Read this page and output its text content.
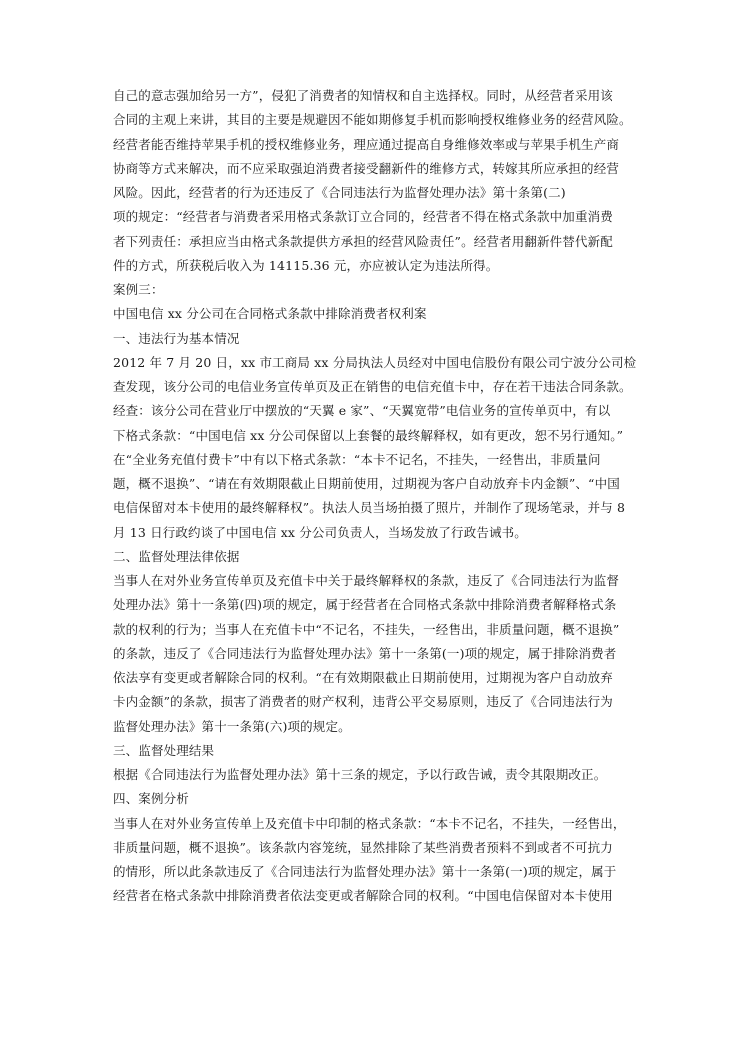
自己的意志强加给另一方”，侵犯了消费者的知情权和自主选择权。同时，从经营者采用该
合同的主观上来讲，其目的主要是规避因不能如期修复手机而影响授权维修业务的经营风险。
经营者能否维持苹果手机的授权维修业务，理应通过提高自身维修效率或与苹果手机生产商
协商等方式来解决，而不应采取强迫消费者接受翻新件的维修方式，转嫁其所应承担的经营
风险。因此，经营者的行为还违反了《合同违法行为监督处理办法》第十条第(二)
项的规定：“经营者与消费者采用格式条款订立合同的，经营者不得在格式条款中加重消费
者下列责任：承担应当由格式条款提供方承担的经营风险责任”。经营者用翻新件替代新配
件的方式，所获税后收入为 14115.36 元，亦应被认定为违法所得。
案例三：
中国电信 xx 分公司在合同格式条款中排除消费者权利案
一、违法行为基本情况
2012 年 7 月 20 日，xx 市工商局 xx 分局执法人员经对中国电信股份有限公司宁波分公司检
查发现，该分公司的电信业务宣传单页及正在销售的电信充值卡中，存在若干违法合同条款。
经查：该分公司在营业厅中摆放的“天翼 e 家”、“天翼宽带”电信业务的宣传单页中，有以
下格式条款：“中国电信 xx 分公司保留以上套餐的最终解释权，如有更改，恕不另行通知。”
在“全业务充值付费卡”中有以下格式条款：“本卡不记名，不挂失，一经售出，非质量问
题，概不退换”、“请在有效期限截止日期前使用，过期视为客户自动放弃卡内金额”、“中国
电信保留对本卡使用的最终解释权”。执法人员当场拍摄了照片，并制作了现场笔录，并与 8
月 13 日行政约谈了中国电信 xx 分公司负责人，当场发放了行政告诫书。
二、监督处理法律依据
当事人在对外业务宣传单页及充值卡中关于最终解释权的条款，违反了《合同违法行为监督
处理办法》第十一条第(四)项的规定，属于经营者在合同格式条款中排除消费者解释格式条
款的权利的行为；当事人在充值卡中“不记名，不挂失，一经售出，非质量问题，概不退换”
的条款，违反了《合同违法行为监督处理办法》第十一条第(一)项的规定，属于排除消费者
依法享有变更或者解除合同的权利。“在有效期限截止日期前使用，过期视为客户自动放弃
卡内金额”的条款，损害了消费者的财产权利，违背公平交易原则，违反了《合同违法行为
监督处理办法》第十一条第(六)项的规定。
三、监督处理结果
根据《合同违法行为监督处理办法》第十三条的规定，予以行政告诫，责令其限期改正。
四、案例分析
当事人在对外业务宣传单上及充值卡中印制的格式条款：“本卡不记名，不挂失，一经售出，
非质量问题，概不退换”。该条款内容笼统，显然排除了某些消费者预料不到或者不可抗力
的情形，所以此条款违反了《合同违法行为监督处理办法》第十一条第(一)项的规定，属于
经营者在格式条款中排除消费者依法变更或者解除合同的权利。“中国电信保留对本卡使用
